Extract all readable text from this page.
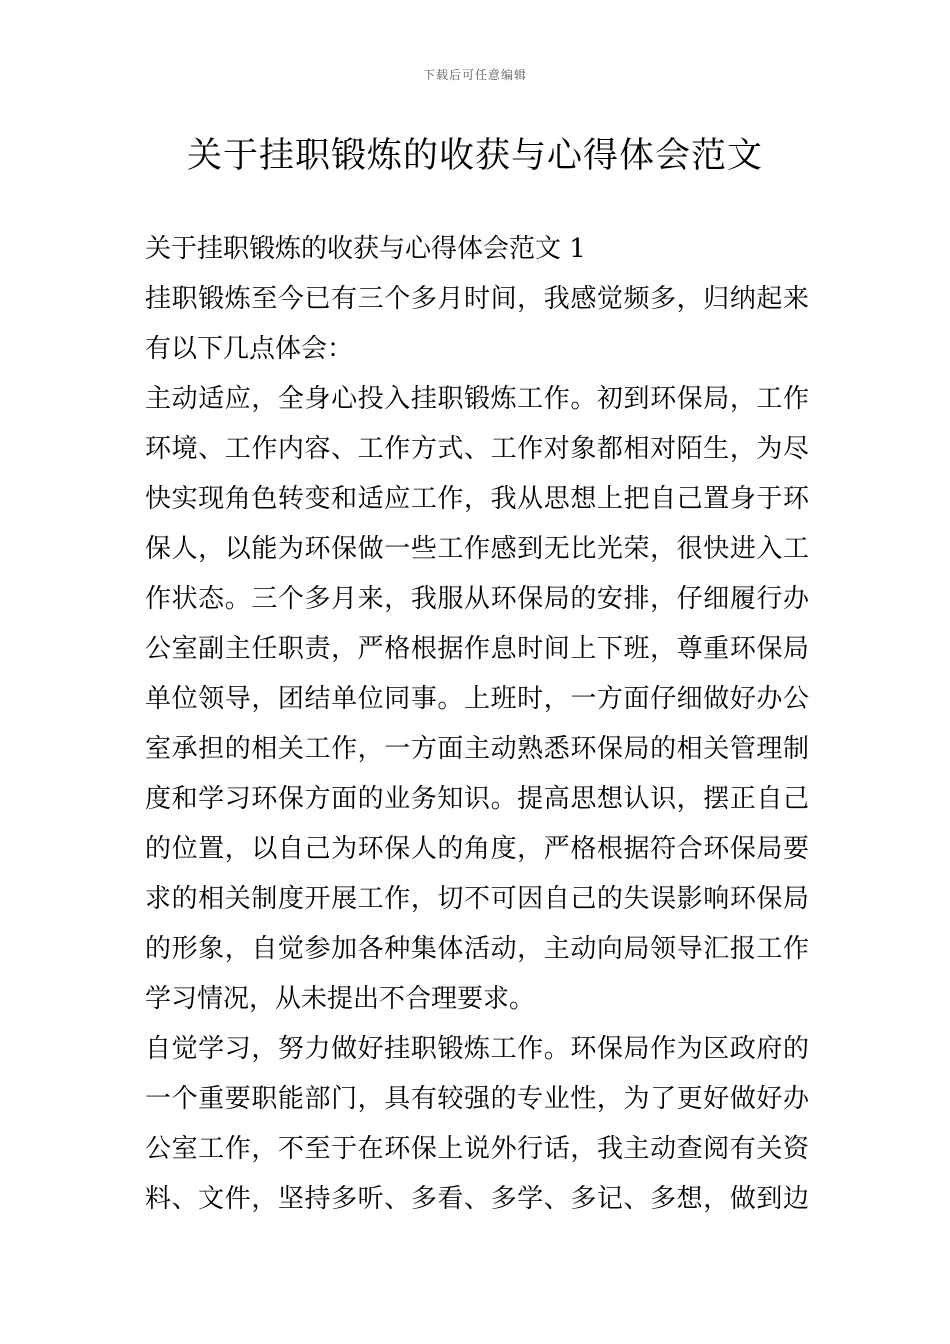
下载后可任意编辑
关于挂职锻炼的收获与心得体会范文
关于挂职锻炼的收获与心得体会范文 1
挂职锻炼至今已有三个多月时间，我感觉频多，归纳起来
有以下几点体会：
主动适应，全身心投入挂职锻炼工作。初到环保局，工作
环境、工作内容、工作方式、工作对象都相对陌生，为尽
快实现角色转变和适应工作，我从思想上把自己置身于环
保人，以能为环保做一些工作感到无比光荣，很快进入工
作状态。三个多月来，我服从环保局的安排，仔细履行办
公室副主任职责，严格根据作息时间上下班，尊重环保局
单位领导，团结单位同事。上班时，一方面仔细做好办公
室承担的相关工作，一方面主动熟悉环保局的相关管理制
度和学习环保方面的业务知识。提高思想认识，摆正自己
的位置，以自己为环保人的角度，严格根据符合环保局要
求的相关制度开展工作，切不可因自己的失误影响环保局
的形象，自觉参加各种集体活动，主动向局领导汇报工作
学习情况，从未提出不合理要求。
自觉学习，努力做好挂职锻炼工作。环保局作为区政府的
一个重要职能部门，具有较强的专业性，为了更好做好办
公室工作，不至于在环保上说外行话，我主动查阅有关资
料、文件，坚持多听、多看、多学、多记、多想，做到边
